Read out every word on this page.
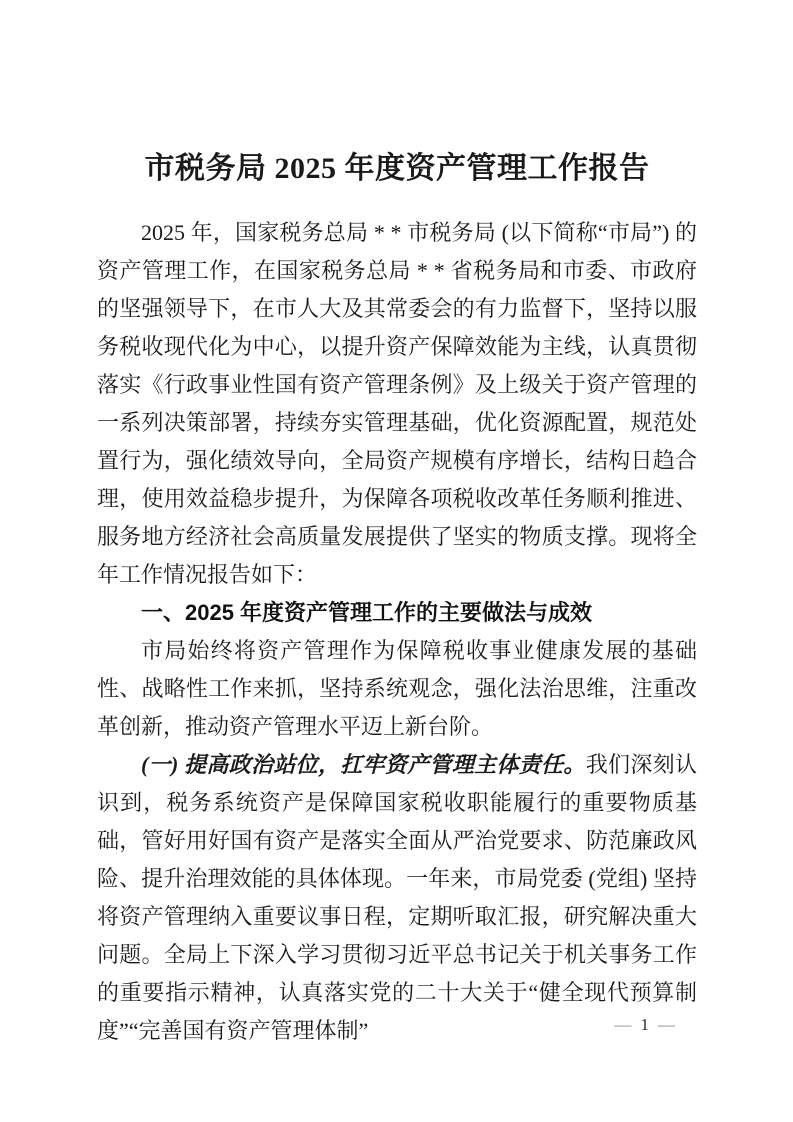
市税务局 2025 年度资产管理工作报告

2025 年，国家税务总局 * * 市税务局 (以下简称“市局”) 的资产管理工作，在国家税务总局 * * 省税务局和市委、市政府的坚强领导下，在市人大及其常委会的有力监督下，坚持以服务税收现代化为中心，以提升资产保障效能为主线，认真贯彻落实《行政事业性国有资产管理条例》及上级关于资产管理的一系列决策部署，持续夯实管理基础，优化资源配置，规范处置行为，强化绩效导向，全局资产规模有序增长，结构日趋合理，使用效益稳步提升，为保障各项税收改革任务顺利推进、服务地方经济社会高质量发展提供了坚实的物质支撑。现将全年工作情况报告如下：

一、2025 年度资产管理工作的主要做法与成效

市局始终将资产管理作为保障税收事业健康发展的基础性、战略性工作来抓，坚持系统观念，强化法治思维，注重改革创新，推动资产管理水平迈上新台阶。

(一) 提高政治站位，扛牢资产管理主体责任。我们深刻认识到，税务系统资产是保障国家税收职能履行的重要物质基础，管好用好国有资产是落实全面从严治党要求、防范廉政风险、提升治理效能的具体体现。一年来，市局党委 (党组) 坚持将资产管理纳入重要议事日程，定期听取汇报，研究解决重大问题。全局上下深入学习贯彻习近平总书记关于机关事务工作的重要指示精神，认真落实党的二十大关于“健全现代预算制度”“完善国有资产管理体制”	— 1 —
